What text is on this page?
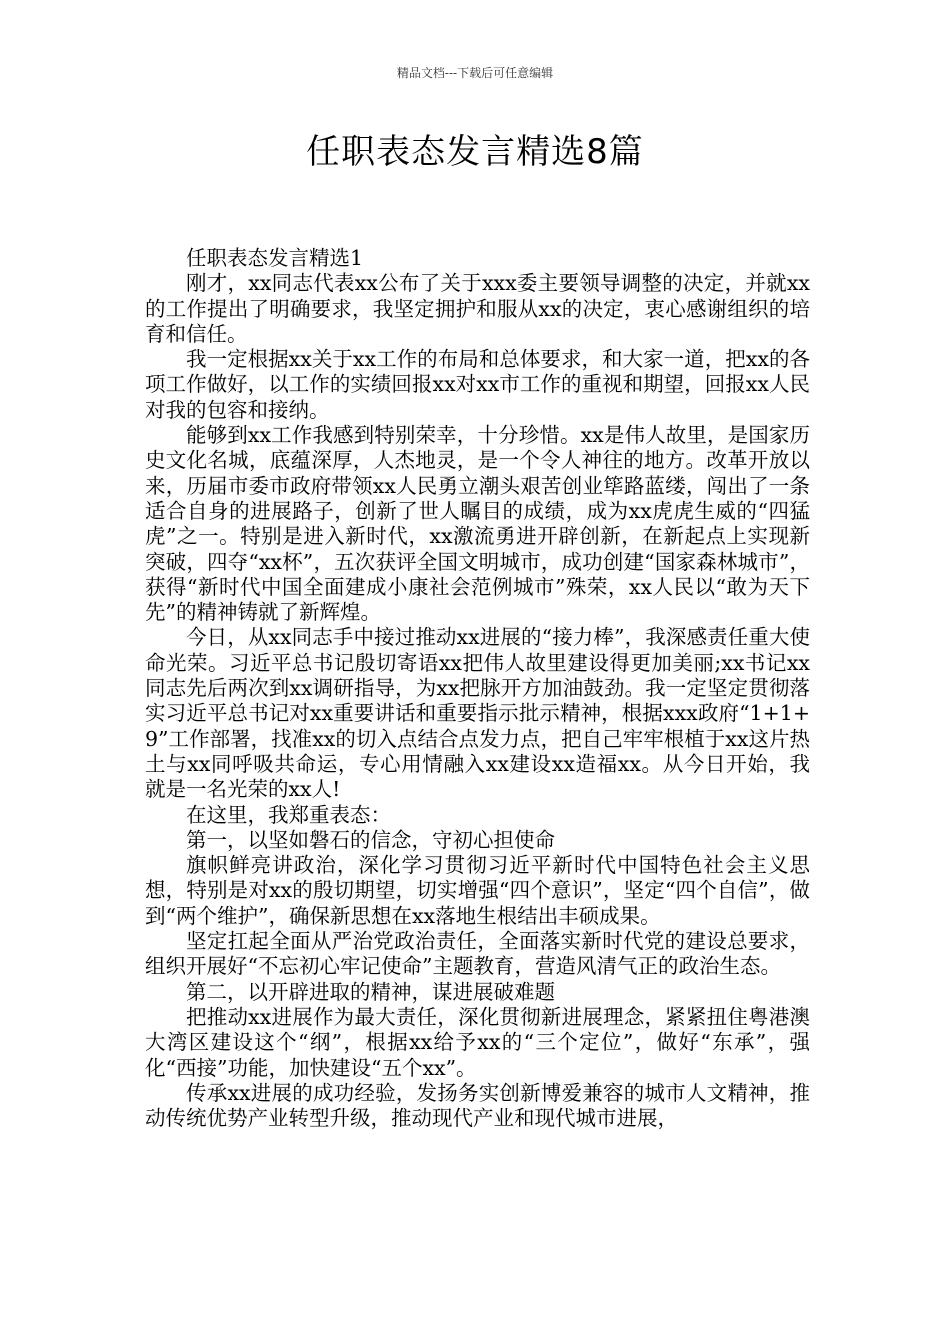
精品文档---下载后可任意编辑
任职表态发言精选8篇

任职表态发言精选1

刚才，xx同志代表xx公布了关于xxx委主要领导调整的决定，并就xx的工作提出了明确要求，我坚定拥护和服从xx的决定，衷心感谢组织的培育和信任。

我一定根据xx关于xx工作的布局和总体要求，和大家一道，把xx的各项工作做好，以工作的实绩回报xx对xx市工作的重视和期望，回报xx人民对我的包容和接纳。

能够到xx工作我感到特别荣幸，十分珍惜。xx是伟人故里，是国家历史文化名城，底蕴深厚，人杰地灵，是一个令人神往的地方。改革开放以来，历届市委市政府带领xx人民勇立潮头艰苦创业筚路蓝缕，闯出了一条适合自身的进展路子，创新了世人瞩目的成绩，成为xx虎虎生威的“四猛虎”之一。特别是进入新时代，xx激流勇进开辟创新，在新起点上实现新突破，四夺“xx杯”，五次获评全国文明城市，成功创建“国家森林城市”，获得“新时代中国全面建成小康社会范例城市”殊荣，xx人民以“敢为天下先”的精神铸就了新辉煌。

今日，从xx同志手中接过推动xx进展的“接力棒”，我深感责任重大使命光荣。习近平总书记殷切寄语xx把伟人故里建设得更加美丽;xx书记xx同志先后两次到xx调研指导，为xx把脉开方加油鼓劲。我一定坚定贯彻落实习近平总书记对xx重要讲话和重要指示批示精神，根据xxx政府“1+1+9”工作部署，找准xx的切入点结合点发力点，把自己牢牢根植于xx这片热土与xx同呼吸共命运，专心用情融入xx建设xx造福xx。从今日开始，我就是一名光荣的xx人!

在这里，我郑重表态：

第一，以坚如磐石的信念，守初心担使命

旗帜鲜亮讲政治，深化学习贯彻习近平新时代中国特色社会主义思想，特别是对xx的殷切期望，切实增强“四个意识”，坚定“四个自信”，做到“两个维护”，确保新思想在xx落地生根结出丰硕成果。

坚定扛起全面从严治党政治责任，全面落实新时代党的建设总要求，组织开展好“不忘初心牢记使命”主题教育，营造风清气正的政治生态。

第二，以开辟进取的精神，谋进展破难题

把推动xx进展作为最大责任，深化贯彻新进展理念，紧紧扭住粤港澳大湾区建设这个“纲”，根据xx给予xx的“三个定位”，做好“东承”，强化“西接”功能，加快建设“五个xx”。

传承xx进展的成功经验，发扬务实创新博爱兼容的城市人文精神，推动传统优势产业转型升级，推动现代产业和现代城市进展，
